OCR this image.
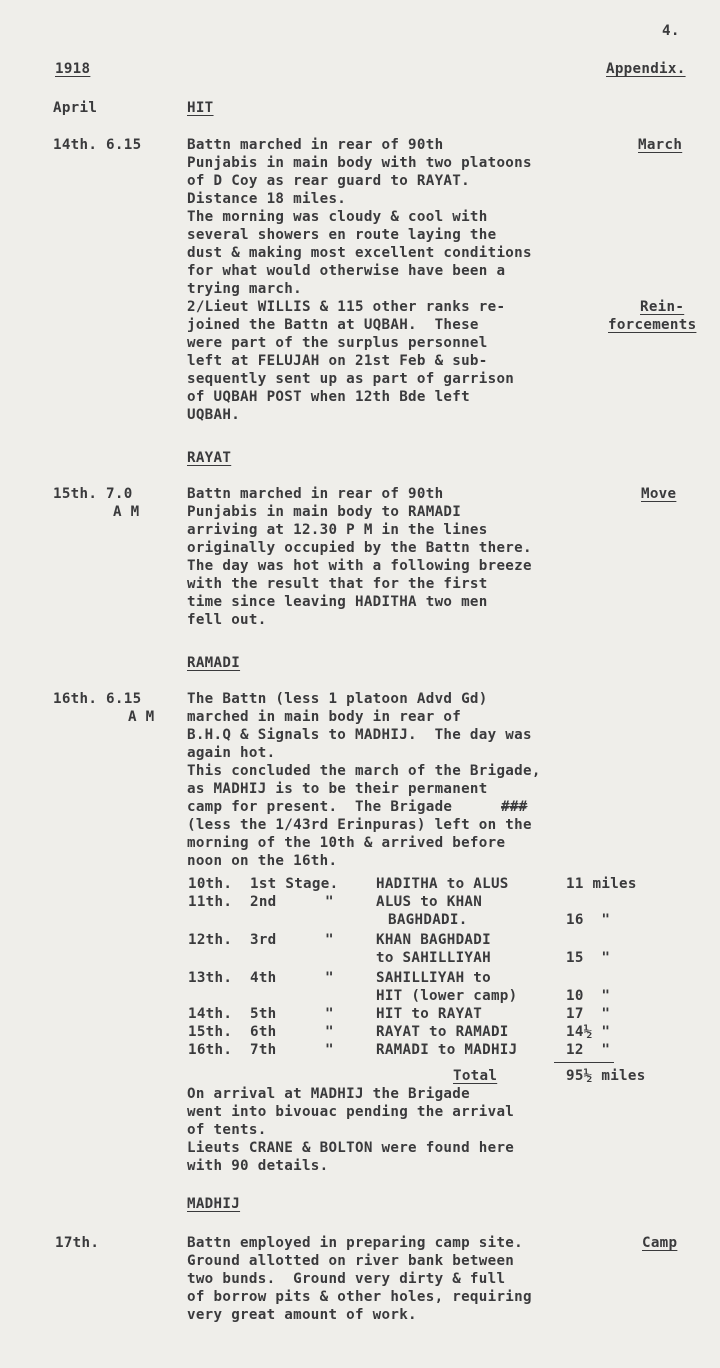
4.
1918	Appendix.
April	HIT
14th. 6.15	March
Battn marched in rear of 90th
Punjabis in main body with two platoons
of D Coy as rear guard to RAYAT.
Distance 18 miles.
The morning was cloudy & cool with
several showers en route laying the
dust & making most excellent conditions
for what would otherwise have been a
trying march.
2/Lieut WILLIS & 115 other ranks re-
joined the Battn at UQBAH.  These
were part of the surplus personnel
left at FELUJAH on 21st Feb & sub-
sequently sent up as part of garrison
of UQBAH POST when 12th Bde left
UQBAH.
Rein-
forcements
RAYAT
15th. 7.0
A M
Move
Battn marched in rear of 90th
Punjabis in main body to RAMADI
arriving at 12.30 P M in the lines
originally occupied by the Battn there.
The day was hot with a following breeze
with the result that for the first
time since leaving HADITHA two men
fell out.
RAMADI
16th. 6.15
A M
The Battn (less 1 platoon Advd Gd)
marched in main body in rear of
B.H.Q & Signals to MADHIJ.  The day was
again hot.
This concluded the march of the Brigade,
as MADHIJ is to be their permanent
camp for present.  The Brigade
(less the 1/43rd Erinpuras) left on the
morning of the 10th & arrived before
noon on the 16th.
###
10th. 1st Stage.	HADITHA to ALUS	11 miles
11th. 2nd	"	ALUS to KHAN
BAGHDADI.	16  "
12th. 3rd	"	KHAN BAGHDADI
to SAHILLIYAH	15  "
13th. 4th	"	SAHILLIYAH to
HIT (lower camp)	10  "
14th. 5th	"	HIT to RAYAT	17  "
15th. 6th	"	RAYAT to RAMADI	14½ "
16th. 7th	"	RAMADI to MADHIJ	12  "
Total	95½ miles
On arrival at MADHIJ the Brigade
went into bivouac pending the arrival
of tents.
Lieuts CRANE & BOLTON were found here
with 90 details.
MADHIJ
17th.	Camp
Battn employed in preparing camp site.
Ground allotted on river bank between
two bunds.  Ground very dirty & full
of borrow pits & other holes, requiring
very great amount of work.
